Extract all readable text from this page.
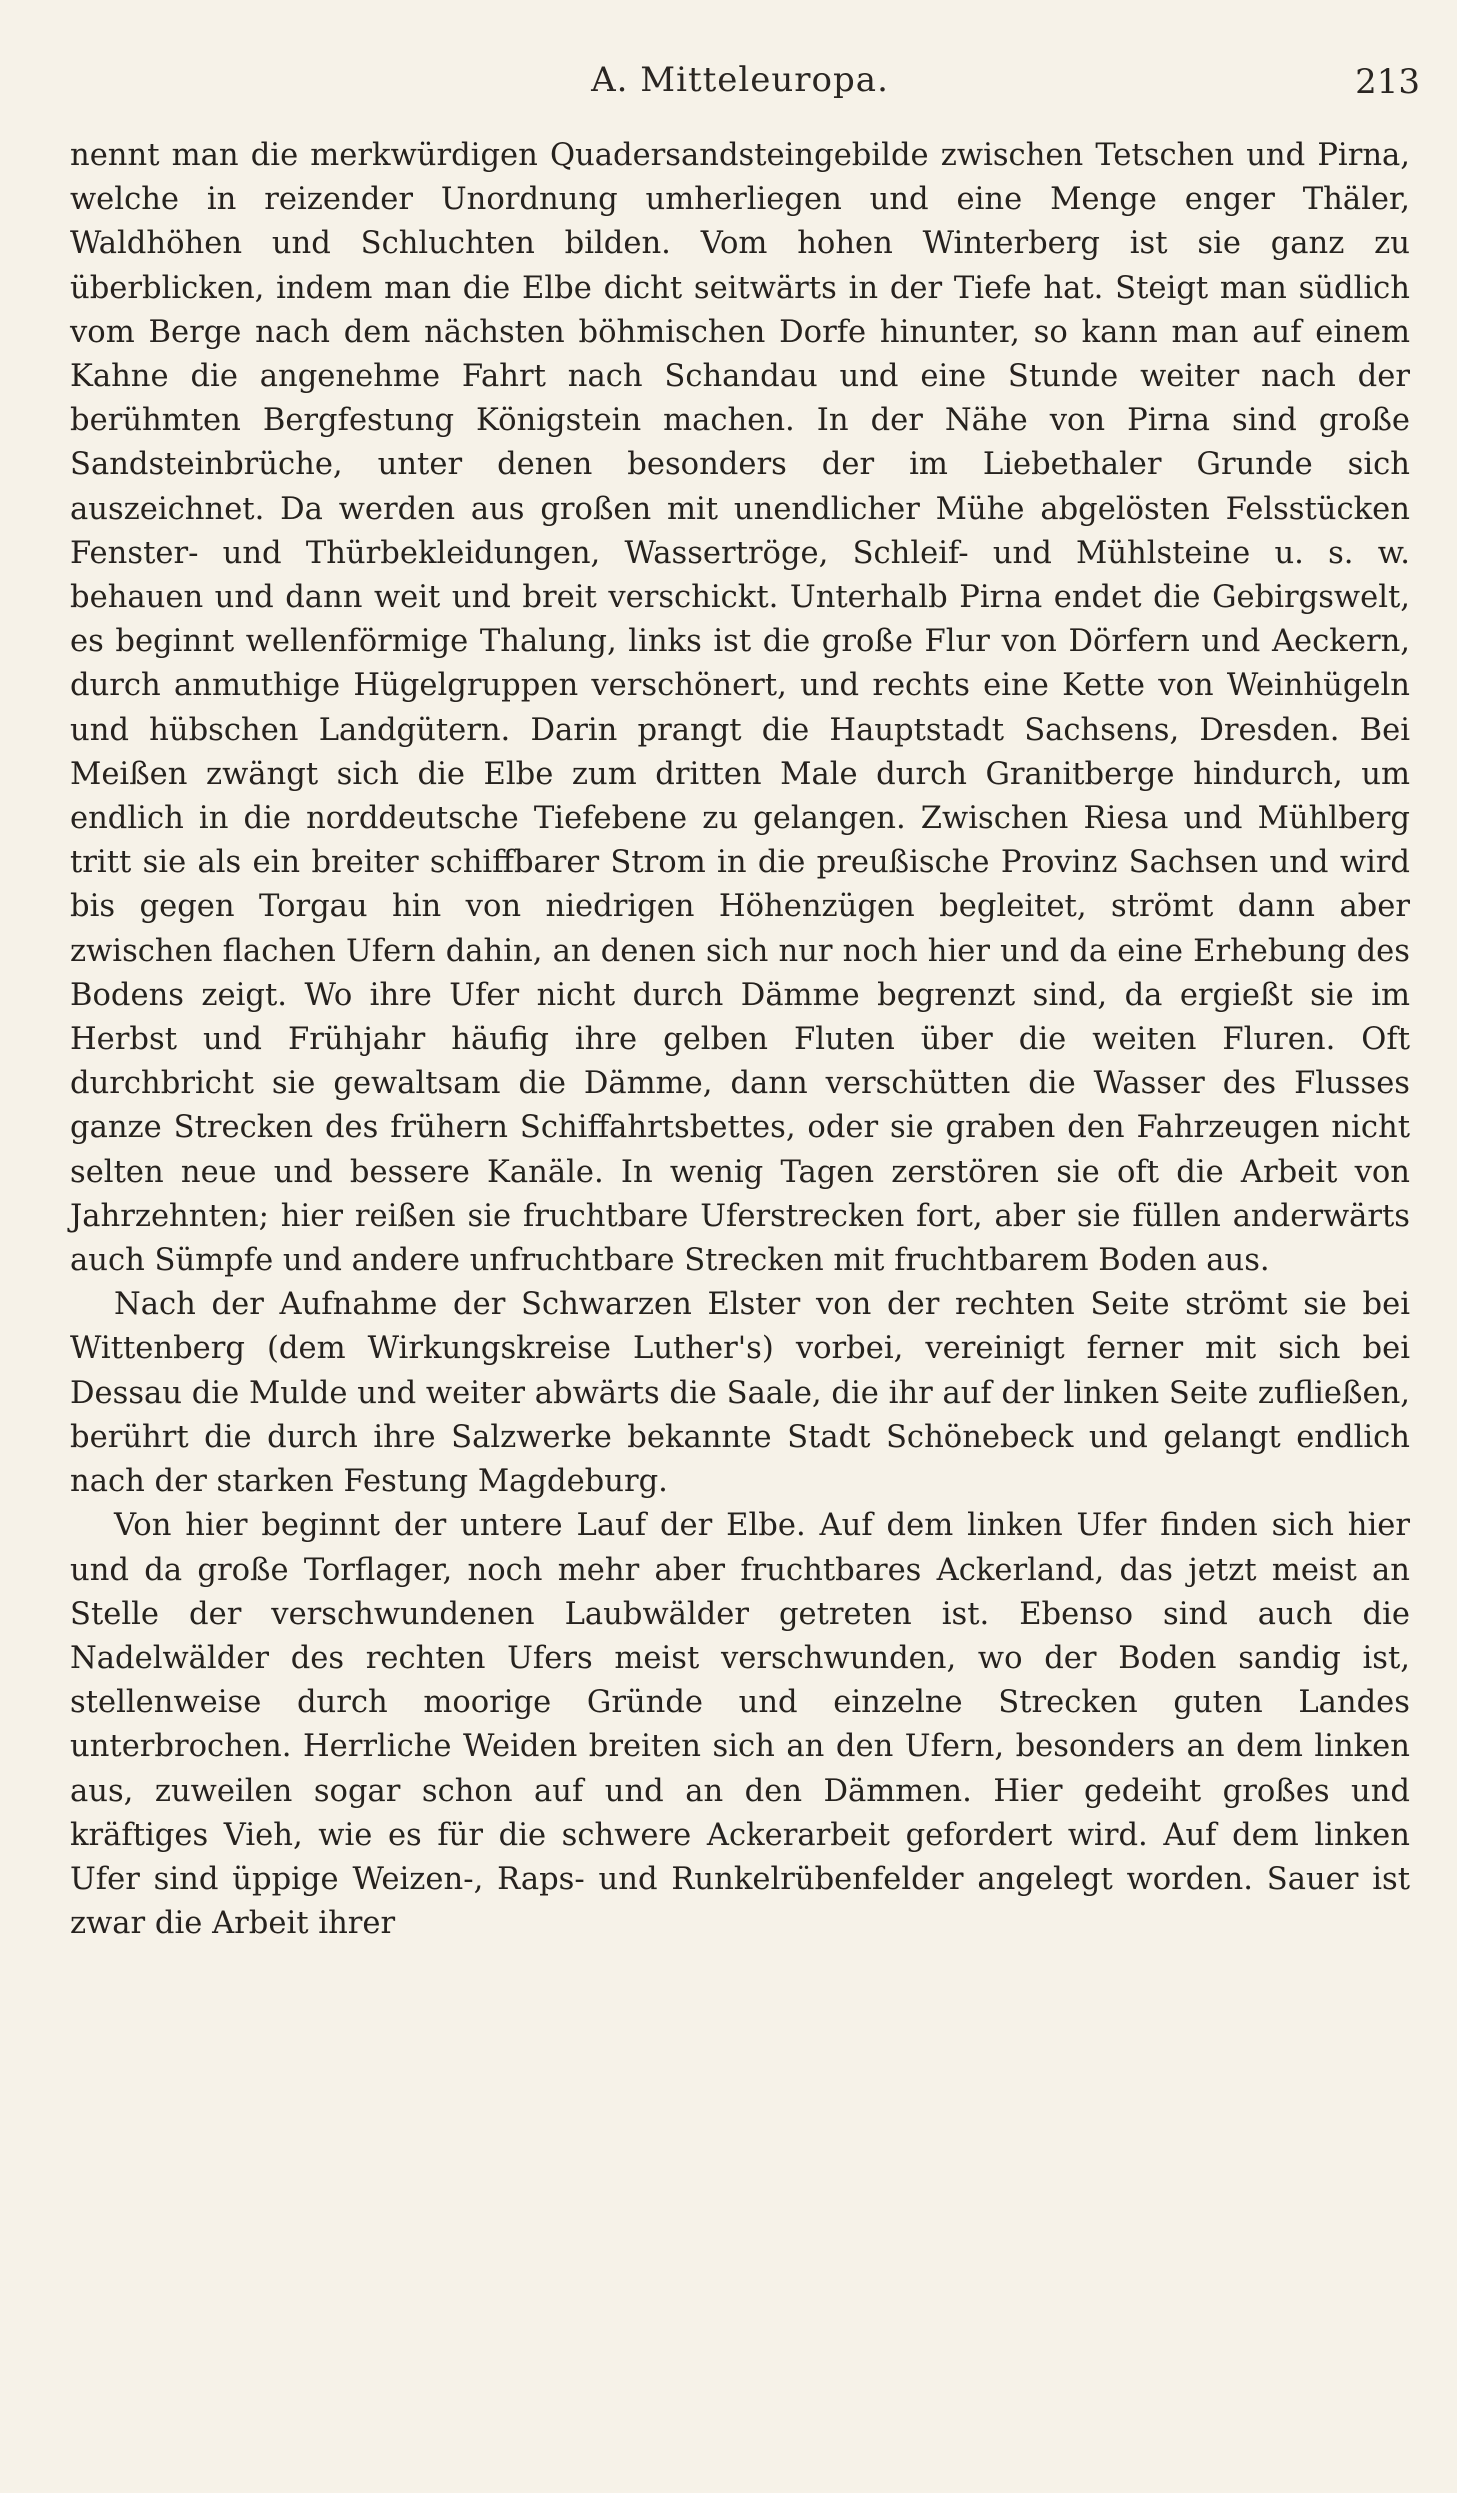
A. Mitteleuropa.	213

nennt man die merkwürdigen Quadersandsteingebilde zwischen Tetschen und Pirna, welche in reizender Unordnung umherliegen und eine Menge enger Thäler, Waldhöhen und Schluchten bilden. Vom hohen Winterberg ist sie ganz zu überblicken, indem man die Elbe dicht seitwärts in der Tiefe hat. Steigt man südlich vom Berge nach dem nächsten böhmischen Dorfe hinunter, so kann man auf einem Kahne die angenehme Fahrt nach Schandau und eine Stunde weiter nach der berühmten Bergfestung Königstein machen. In der Nähe von Pirna sind große Sandsteinbrüche, unter denen besonders der im Liebethaler Grunde sich auszeichnet. Da werden aus großen mit unendlicher Mühe abgelösten Felsstücken Fenster- und Thürbekleidungen, Wassertröge, Schleif- und Mühlsteine u. s. w. behauen und dann weit und breit verschickt. Unterhalb Pirna endet die Gebirgswelt, es beginnt wellenförmige Thalung, links ist die große Flur von Dörfern und Aeckern, durch anmuthige Hügelgruppen verschönert, und rechts eine Kette von Weinhügeln und hübschen Landgütern. Darin prangt die Hauptstadt Sachsens, Dresden. Bei Meißen zwängt sich die Elbe zum dritten Male durch Granitberge hindurch, um endlich in die norddeutsche Tiefebene zu gelangen. Zwischen Riesa und Mühlberg tritt sie als ein breiter schiffbarer Strom in die preußische Provinz Sachsen und wird bis gegen Torgau hin von niedrigen Höhenzügen begleitet, strömt dann aber zwischen flachen Ufern dahin, an denen sich nur noch hier und da eine Erhebung des Bodens zeigt. Wo ihre Ufer nicht durch Dämme begrenzt sind, da ergießt sie im Herbst und Frühjahr häufig ihre gelben Fluten über die weiten Fluren. Oft durchbricht sie gewaltsam die Dämme, dann verschütten die Wasser des Flusses ganze Strecken des frühern Schiffahrtsbettes, oder sie graben den Fahrzeugen nicht selten neue und bessere Kanäle. In wenig Tagen zerstören sie oft die Arbeit von Jahrzehnten; hier reißen sie fruchtbare Uferstrecken fort, aber sie füllen anderwärts auch Sümpfe und andere unfruchtbare Strecken mit fruchtbarem Boden aus.

Nach der Aufnahme der Schwarzen Elster von der rechten Seite strömt sie bei Wittenberg (dem Wirkungskreise Luther's) vorbei, vereinigt ferner mit sich bei Dessau die Mulde und weiter abwärts die Saale, die ihr auf der linken Seite zufließen, berührt die durch ihre Salzwerke bekannte Stadt Schönebeck und gelangt endlich nach der starken Festung Magdeburg.

Von hier beginnt der untere Lauf der Elbe. Auf dem linken Ufer finden sich hier und da große Torflager, noch mehr aber fruchtbares Ackerland, das jetzt meist an Stelle der verschwundenen Laubwälder getreten ist. Ebenso sind auch die Nadelwälder des rechten Ufers meist verschwunden, wo der Boden sandig ist, stellenweise durch moorige Gründe und einzelne Strecken guten Landes unterbrochen. Herrliche Weiden breiten sich an den Ufern, besonders an dem linken aus, zuweilen sogar schon auf und an den Dämmen. Hier gedeiht großes und kräftiges Vieh, wie es für die schwere Ackerarbeit gefordert wird. Auf dem linken Ufer sind üppige Weizen-, Raps- und Runkelrübenfelder angelegt worden. Sauer ist zwar die Arbeit ihrer
